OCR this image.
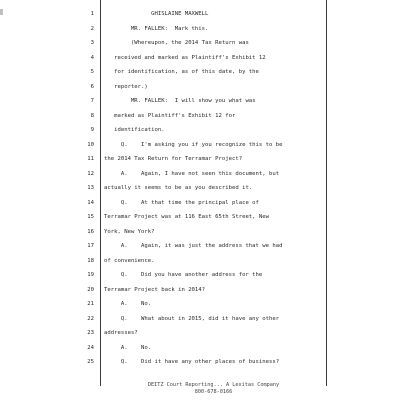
1 GHISLAINE MAXWELL
2 MR. FALLEK:  Mark this.
3 (Whereupon, the 2014 Tax Return was
4 received and marked as Plaintiff's Exhibit 12
5 for identification, as of this date, by the
6 reporter.)
7 MR. FALLEK:  I will show you what was
8 marked as Plaintiff's Exhibit 12 for
9 identification.
10 Q.    I'm asking you if you recognize this to be
11 the 2014 Tax Return for Terramar Project?
12 A.    Again, I have not seen this document, but
13 actually it seems to be as you described it.
14 Q.    At that time the principal place of
15 Terramar Project was at 116 East 65th Street, New
16 York, New York?
17 A.    Again, it was just the address that we had
18 of convenience.
19 Q.    Did you have another address for the
20 Terramar Project back in 2014?
21 A.    No.
22 Q.    What about in 2015, did it have any other
23 addresses?
24 A.    No.
25 Q.    Did it have any other places of business?
DEITZ Court Reporting... A Lexitas Company
800-678-0166
